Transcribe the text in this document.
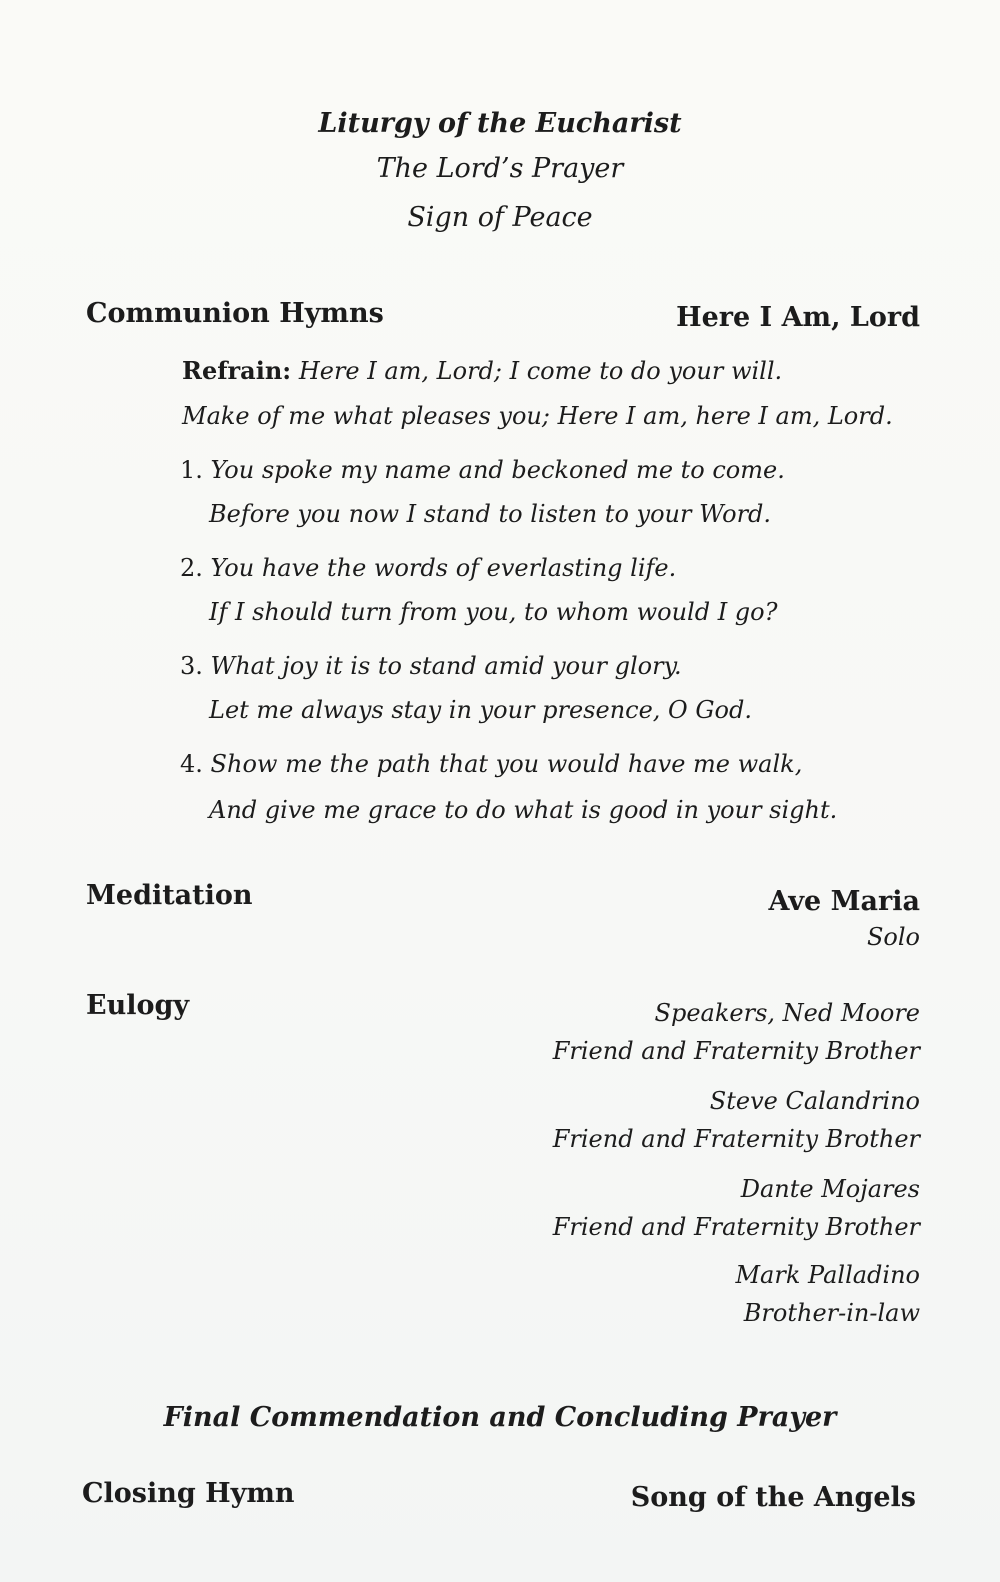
Liturgy of the Eucharist
The Lord’s Prayer
Sign of Peace
Communion Hymns	Here I Am, Lord
Refrain: Here I am, Lord; I come to do your will.
Make of me what pleases you; Here I am, here I am, Lord.
1. You spoke my name and beckoned me to come.
Before you now I stand to listen to your Word.
2. You have the words of everlasting life.
If I should turn from you, to whom would I go?
3. What joy it is to stand amid your glory.
Let me always stay in your presence, O God.
4. Show me the path that you would have me walk,
And give me grace to do what is good in your sight.
Meditation	Ave Maria
Solo
Eulogy	Speakers, Ned Moore
Friend and Fraternity Brother
Steve Calandrino
Friend and Fraternity Brother
Dante Mojares
Friend and Fraternity Brother
Mark Palladino
Brother-in-law
Final Commendation and Concluding Prayer
Closing Hymn	Song of the Angels
